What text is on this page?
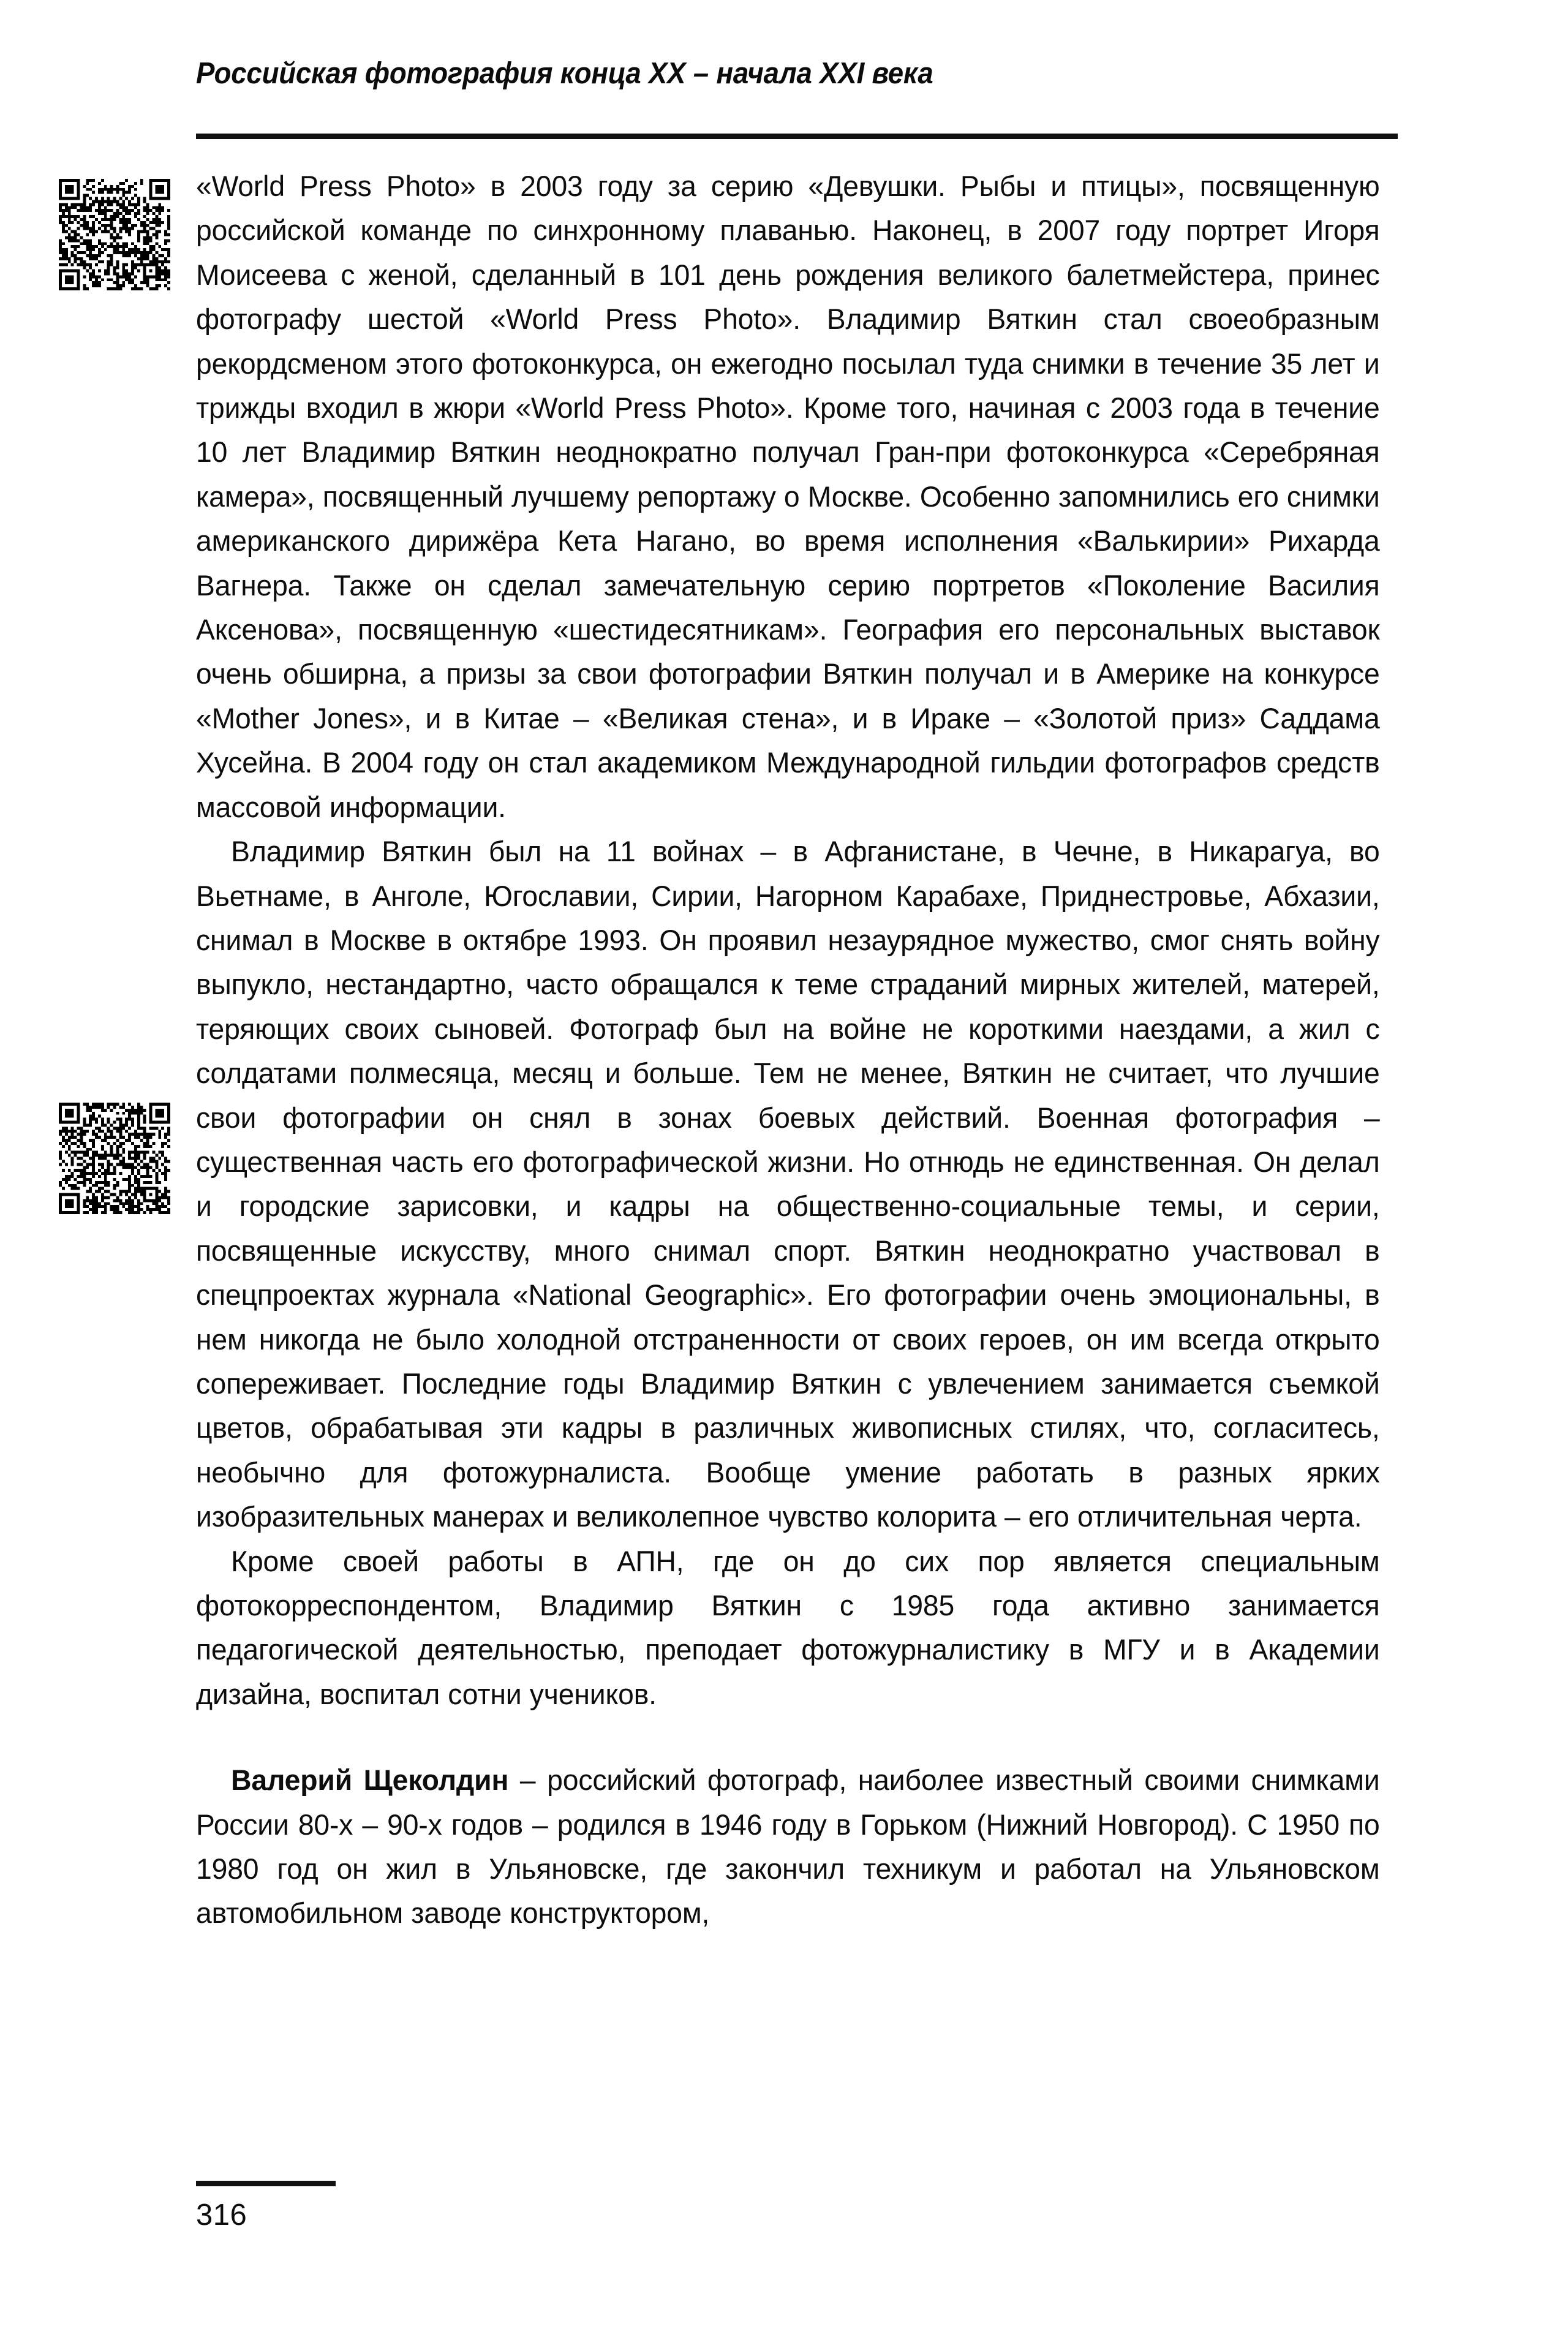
Российская фотография конца XX – начала XXI века

«World Press Photo» в 2003 году за серию «Девушки. Рыбы и птицы», посвященную российской команде по синхронному плаванью. Наконец, в 2007 году портрет Игоря Моисеева с женой, сделанный в 101 день рождения великого балетмейстера, принес фотографу шестой «World Press Photo». Владимир Вяткин стал своеобразным рекордсменом этого фотоконкурса, он ежегодно посылал туда снимки в течение 35 лет и трижды входил в жюри «World Press Photo». Кроме того, начиная с 2003 года в течение 10 лет Владимир Вяткин неоднократно получал Гран-при фотоконкурса «Серебряная камера», посвященный лучшему репортажу о Москве. Особенно запомнились его снимки американского дирижёра Кета Нагано, во время исполнения «Валькирии» Рихарда Вагнера. Также он сделал замечательную серию портретов «Поколение Василия Аксенова», посвященную «шестидесятникам». География его персональных выставок очень обширна, а призы за свои фотографии Вяткин получал и в Америке на конкурсе «Mother Jones», и в Китае – «Великая стена», и в Ираке – «Золотой приз» Саддама Хусейна. В 2004 году он стал академиком Международной гильдии фотографов средств массовой информации.

Владимир Вяткин был на 11 войнах – в Афганистане, в Чечне, в Никарагуа, во Вьетнаме, в Анголе, Югославии, Сирии, Нагорном Карабахе, Приднестровье, Абхазии, снимал в Москве в октябре 1993. Он проявил незаурядное мужество, смог снять войну выпукло, нестандартно, часто обращался к теме страданий мирных жителей, матерей, теряющих своих сыновей. Фотограф был на войне не короткими наездами, а жил с солдатами полмесяца, месяц и больше. Тем не менее, Вяткин не считает, что лучшие свои фотографии он снял в зонах боевых действий. Военная фотография – существенная часть его фотографической жизни. Но отнюдь не единственная. Он делал и городские зарисовки, и кадры на общественно-социальные темы, и серии, посвященные искусству, много снимал спорт. Вяткин неоднократно участвовал в спецпроектах журнала «National Geographic». Его фотографии очень эмоциональны, в нем никогда не было холодной отстраненности от своих героев, он им всегда открыто сопереживает. Последние годы Владимир Вяткин с увлечением занимается съемкой цветов, обрабатывая эти кадры в различных живописных стилях, что, согласитесь, необычно для фотожурналиста. Вообще умение работать в разных ярких изобразительных манерах и великолепное чувство колорита – его отличительная черта.

Кроме своей работы в АПН, где он до сих пор является специальным фотокорреспондентом, Владимир Вяткин с 1985 года активно занимается педагогической деятельностью, преподает фотожурналистику в МГУ и в Академии дизайна, воспитал сотни учеников.

Валерий Щеколдин – российский фотограф, наиболее известный своими снимками России 80-х – 90-х годов – родился в 1946 году в Горьком (Нижний Новгород). С 1950 по 1980 год он жил в Ульяновске, где закончил техникум и работал на Ульяновском автомобильном заводе конструктором,

316
